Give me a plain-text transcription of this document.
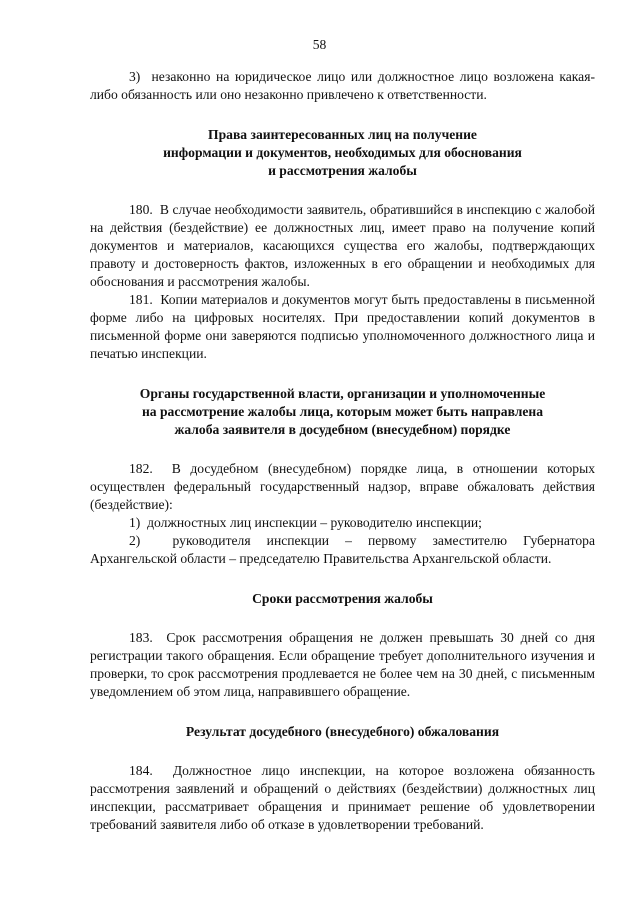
58

3)  незаконно на юридическое лицо или должностное лицо возложена какая-либо обязанность или оно незаконно привлечено к ответственности.

Права заинтересованных лиц на получение
информации и документов, необходимых для обоснования
и рассмотрения жалобы

180.  В случае необходимости заявитель, обратившийся в инспекцию с жалобой на действия (бездействие) ее должностных лиц, имеет право на получение копий документов и материалов, касающихся существа его жалобы, подтверждающих правоту и достоверность фактов, изложенных в его обращении и необходимых для обоснования и рассмотрения жалобы.

181.  Копии материалов и документов могут быть предоставлены в письменной форме либо на цифровых носителях. При предоставлении копий документов в письменной форме они заверяются подписью уполномоченного должностного лица и печатью инспекции.

Органы государственной власти, организации и уполномоченные
на рассмотрение жалобы лица, которым может быть направлена
жалоба заявителя в досудебном (внесудебном) порядке

182.  В досудебном (внесудебном) порядке лица, в отношении которых осуществлен федеральный государственный надзор, вправе обжаловать действия (бездействие):

1)  должностных лиц инспекции – руководителю инспекции;

2)  руководителя инспекции – первому заместителю Губернатора Архангельской области – председателю Правительства Архангельской области.

Сроки рассмотрения жалобы

183.  Срок рассмотрения обращения не должен превышать 30 дней со дня регистрации такого обращения. Если обращение требует дополнительного изучения и проверки, то срок рассмотрения продлевается не более чем на 30 дней, с письменным уведомлением об этом лица, направившего обращение.

Результат досудебного (внесудебного) обжалования

184.  Должностное лицо инспекции, на которое возложена обязанность рассмотрения заявлений и обращений о действиях (бездействии) должностных лиц инспекции, рассматривает обращения и принимает решение об удовлетворении требований заявителя либо об отказе в удовлетворении требований.
